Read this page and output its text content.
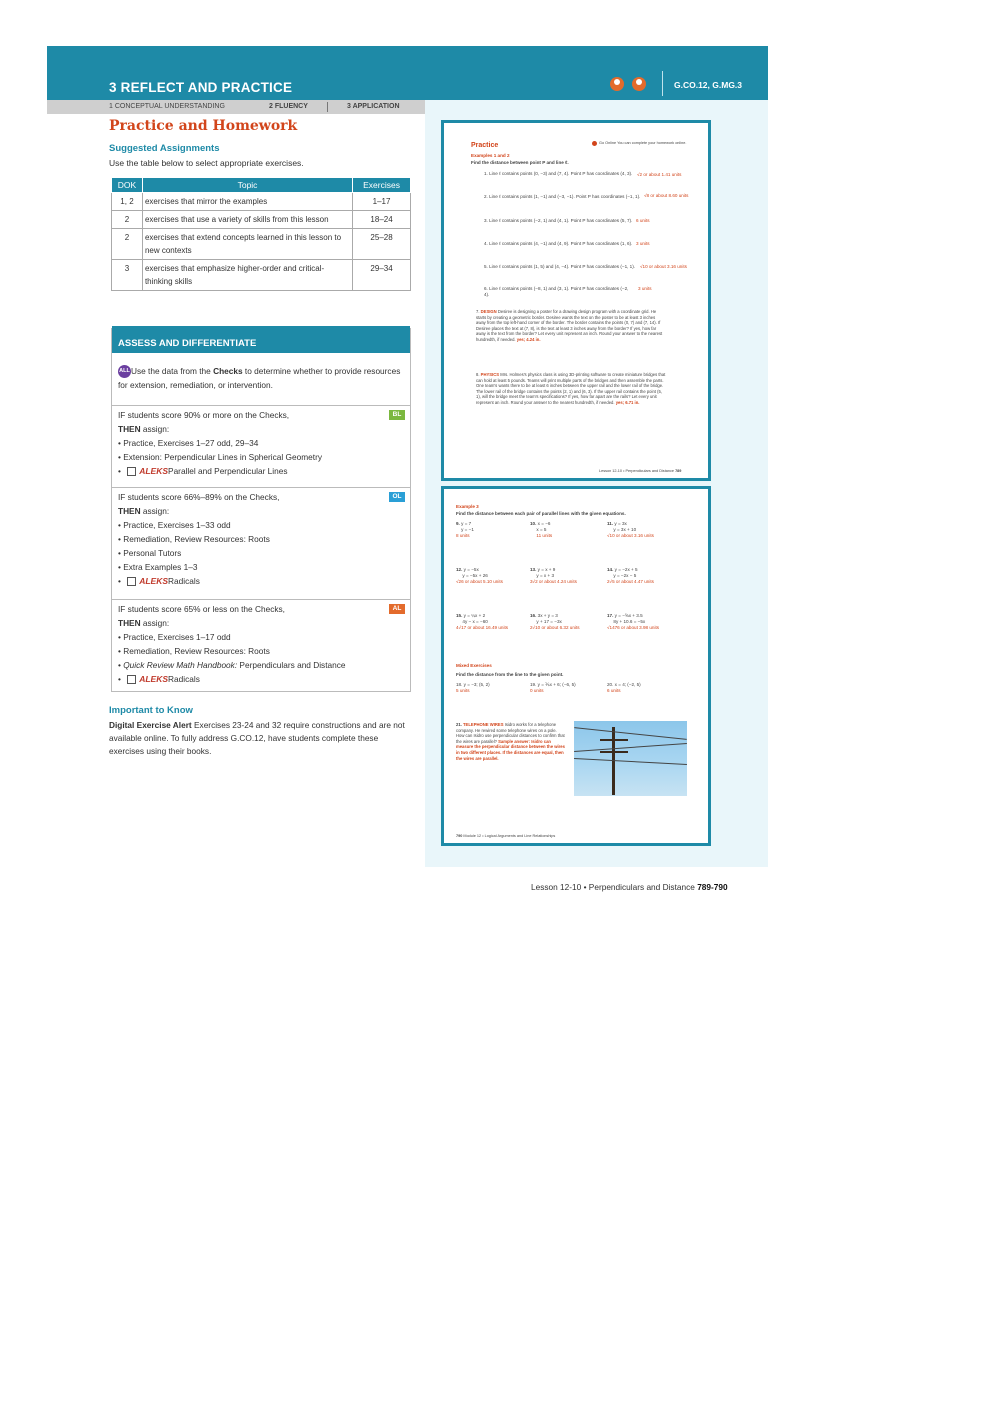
3 REFLECT AND PRACTICE	G.CO.12, G.MG.3
1 CONCEPTUAL UNDERSTANDING	2 FLUENCY	3 APPLICATION
Practice and Homework
Suggested Assignments
Use the table below to select appropriate exercises.
DOK	Topic	Exercises
1, 2	exercises that mirror the examples	1–17
2	exercises that use a variety of skills from this lesson	18–24
2	exercises that extend concepts learned in this lesson to new contexts	25–28
3	exercises that emphasize higher-order and critical-thinking skills	29–34
ASSESS AND DIFFERENTIATE
ALLUse the data from the Checks to determine whether to provide resources for extension, remediation, or intervention.
BL
IF students score 90% or more on the Checks,
THEN assign:
• Practice, Exercises 1–27 odd, 29–34
• Extension: Perpendicular Lines in Spherical Geometry
• ALEKSParallel and Perpendicular Lines
OL
IF students score 66%–89% on the Checks,
THEN assign:
• Practice, Exercises 1–33 odd
• Remediation, Review Resources: Roots
• Personal Tutors
• Extra Examples 1–3
• ALEKSRadicals
AL
IF students score 65% or less on the Checks,
THEN assign:
• Practice, Exercises 1–17 odd
• Remediation, Review Resources: Roots
• Quick Review Math Handbook: Perpendiculars and Distance
• ALEKSRadicals
Important to Know
Digital Exercise Alert Exercises 23-24 and 32 require constructions and are not available online. To fully address G.CO.12, have students complete these exercises using their books.
Practice	Go Online You can complete your homework online.
Examples 1 and 2
Find the distance between point P and line ℓ.
1. Line ℓ contains points (0, −3) and (7, 4). Point P has coordinates (4, 3).	√2 or about 1.41 units
2. Line ℓ contains points (1, −1) and (−3, −1). Point P has coordinates (−1, 1). √8 or about 8.60 units
3. Line ℓ contains points (−2, 1) and (4, 1). Point P has coordinates (5, 7). 6 units
4. Line ℓ contains points (4, −1) and (4, 9). Point P has coordinates (1, 6). 3 units
5. Line ℓ contains points (1, 5) and (4, −4). Point P has coordinates (−1, 1).	√10 or about 3.16 units
6. Line ℓ contains points (−8, 1) and (3, 1). Point P has coordinates (−2, 4).
3 units
7. DESIGN Desiree is designing a poster for a drawing design program with a coordinate grid. He starts by creating a geometric border. Desiree wants the text on the poster to be at least 3 inches away from the top left-hand corner of the border. The border contains the points (0, 7) and (7, 14). If Desiree places the text at (7, 8), is the text at least 3 inches away from the border? If yes, how far away is the text from the border? Let every unit represent an inch. Round your answer to the nearest hundredth, if needed. yes; 4.24 in.
8. PHYSICS Mrs. Holmes's physics class is using 3D-printing software to create miniature bridges that can hold at least 5 pounds. Teams will print multiple parts of the bridges and then assemble the parts. One team's wants there to be at least 6 inches between the upper rail and the lower rail of the bridge. The lower rail of the bridge contains the points (2, 1) and (6, 3). If the upper rail contains the point (5, 1), will the bridge meet the team's specifications? If yes, how far apart are the rails? Let every unit represent an inch. Round your answer to the nearest hundredth, if needed. yes; 6.71 in.
Lesson 12-10 • Perpendiculars and Distance 789
Example 3
Find the distance between each pair of parallel lines with the given equations.
9. y = 7
y = −1
8 units
10. x = −6
x = 5
11 units
11. y = 3x
y = 3x + 10
√10 or about 3.16 units
12. y = −5x
y = −5x + 26
√26 or about 5.10 units
13. y = x + 9
y = x + 3
3√2 or about 4.24 units
14. y = −2x + 5
y = −2x − 5
2√5 or about 4.47 units
15. y = ¼x + 2
4y − x = −60
4√17 or about 16.49 units
16. 3x + y = 3
y + 17 = −3x
2√10 or about 6.32 units
17. y = −⅝x + 3.5
8y + 10.6 = −5x
√1476 or about 3.98 units
Mixed Exercises
Find the distance from the line to the given point.
18. y = −3; (5, 2)
5 units
19. y = ⅙x + 6; (−6, 5)
0 units
20. x = 4; (−2, 5)
6 units
21. TELEPHONE WIRES Isidro works for a telephone company. He rewired some telephone wires on a pole. How can Isidro use perpendicular distances to confirm that the wires are parallel? Sample answer: Isidro can measure the perpendicular distance between the wires in two different places. If the distances are equal, then the wires are parallel.
790 Module 12 • Logical Arguments and Line Relationships
Lesson 12-10 • Perpendiculars and Distance 789-790
